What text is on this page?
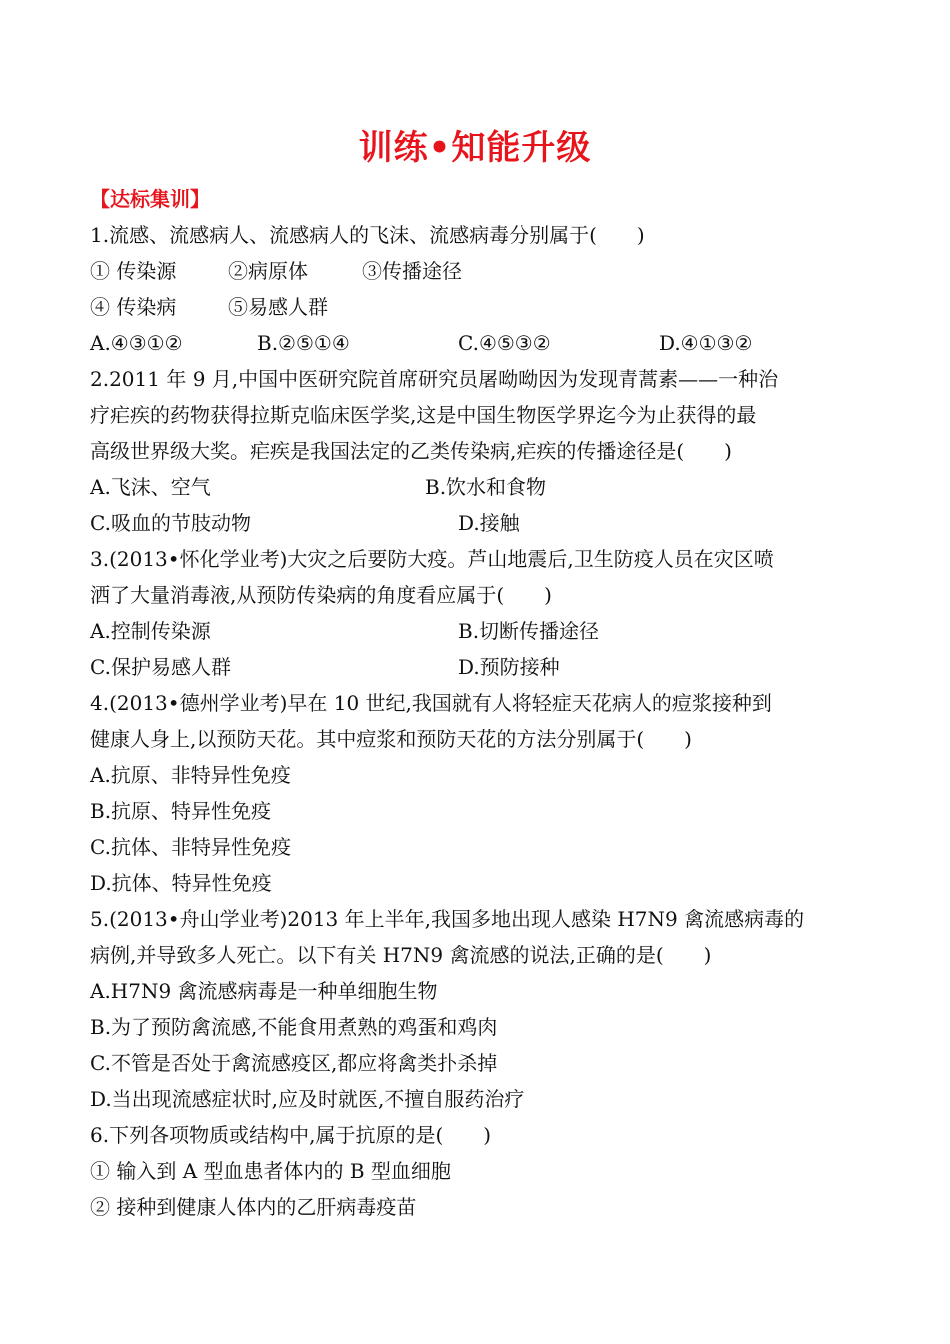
训练•知能升级
【达标集训】
1.流感、流感病人、流感病人的飞沫、流感病毒分别属于(　　)
① 传染源	②病原体	③传播途径
④ 传染病	⑤易感人群
A.④③①②	B.②⑤①④	C.④⑤③②	D.④①③②
2.2011 年 9 月,中国中医研究院首席研究员屠呦呦因为发现青蒿素——一种治
疗疟疾的药物获得拉斯克临床医学奖,这是中国生物医学界迄今为止获得的最
高级世界级大奖。疟疾是我国法定的乙类传染病,疟疾的传播途径是(　　)
A.飞沫、空气	B.饮水和食物
C.吸血的节肢动物	D.接触
3.(2013•怀化学业考)大灾之后要防大疫。芦山地震后,卫生防疫人员在灾区喷
洒了大量消毒液,从预防传染病的角度看应属于(　　)
A.控制传染源	B.切断传播途径
C.保护易感人群	D.预防接种
4.(2013•德州学业考)早在 10 世纪,我国就有人将轻症天花病人的痘浆接种到
健康人身上,以预防天花。其中痘浆和预防天花的方法分别属于(　　)
A.抗原、非特异性免疫
B.抗原、特异性免疫
C.抗体、非特异性免疫
D.抗体、特异性免疫
5.(2013•舟山学业考)2013 年上半年,我国多地出现人感染 H7N9 禽流感病毒的
病例,并导致多人死亡。以下有关 H7N9 禽流感的说法,正确的是(　　)
A.H7N9 禽流感病毒是一种单细胞生物
B.为了预防禽流感,不能食用煮熟的鸡蛋和鸡肉
C.不管是否处于禽流感疫区,都应将禽类扑杀掉
D.当出现流感症状时,应及时就医,不擅自服药治疗
6.下列各项物质或结构中,属于抗原的是(　　)
① 输入到 A 型血患者体内的 B 型血细胞
② 接种到健康人体内的乙肝病毒疫苗
